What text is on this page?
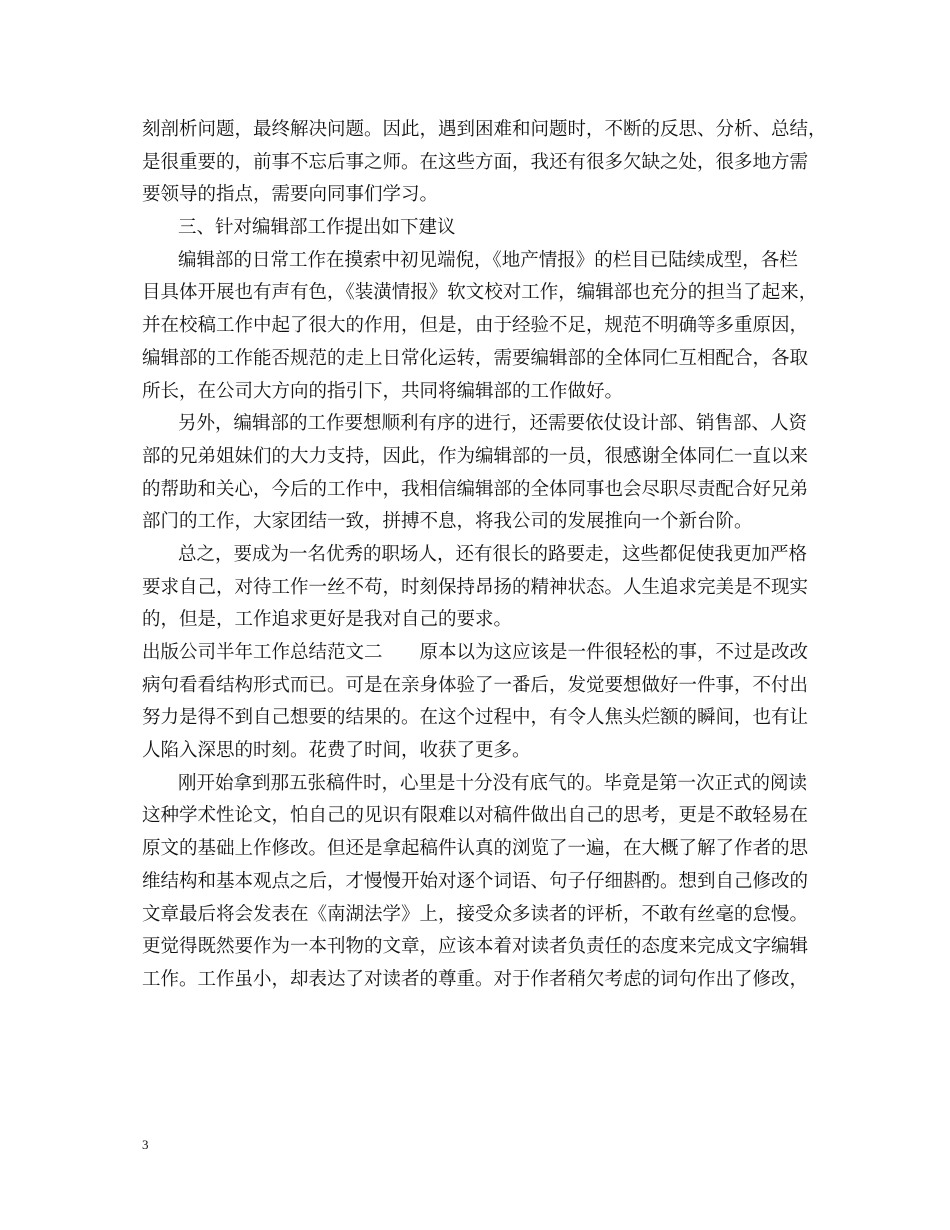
刻剖析问题，最终解决问题。因此，遇到困难和问题时，不断的反思、分析、总结，
是很重要的，前事不忘后事之师。在这些方面，我还有很多欠缺之处，很多地方需
要领导的指点，需要向同事们学习。
三、针对编辑部工作提出如下建议
编辑部的日常工作在摸索中初见端倪，《地产情报》的栏目已陆续成型，各栏
目具体开展也有声有色，《装潢情报》软文校对工作，编辑部也充分的担当了起来，
并在校稿工作中起了很大的作用，但是，由于经验不足，规范不明确等多重原因，
编辑部的工作能否规范的走上日常化运转，需要编辑部的全体同仁互相配合，各取
所长，在公司大方向的指引下，共同将编辑部的工作做好。
另外，编辑部的工作要想顺利有序的进行，还需要依仗设计部、销售部、人资
部的兄弟姐妹们的大力支持，因此，作为编辑部的一员，很感谢全体同仁一直以来
的帮助和关心，今后的工作中，我相信编辑部的全体同事也会尽职尽责配合好兄弟
部门的工作，大家团结一致，拼搏不息，将我公司的发展推向一个新台阶。
总之，要成为一名优秀的职场人，还有很长的路要走，这些都促使我更加严格
要求自己，对待工作一丝不苟，时刻保持昂扬的精神状态。人生追求完美是不现实
的，但是，工作追求更好是我对自己的要求。
出版公司半年工作总结范文二　　原本以为这应该是一件很轻松的事，不过是改改
病句看看结构形式而已。可是在亲身体验了一番后，发觉要想做好一件事，不付出
努力是得不到自己想要的结果的。在这个过程中，有令人焦头烂额的瞬间，也有让
人陷入深思的时刻。花费了时间，收获了更多。
刚开始拿到那五张稿件时，心里是十分没有底气的。毕竟是第一次正式的阅读
这种学术性论文，怕自己的见识有限难以对稿件做出自己的思考，更是不敢轻易在
原文的基础上作修改。但还是拿起稿件认真的浏览了一遍，在大概了解了作者的思
维结构和基本观点之后，才慢慢开始对逐个词语、句子仔细斟酌。想到自己修改的
文章最后将会发表在《南湖法学》上，接受众多读者的评析，不敢有丝毫的怠慢。
更觉得既然要作为一本刊物的文章，应该本着对读者负责任的态度来完成文字编辑
工作。工作虽小，却表达了对读者的尊重。对于作者稍欠考虑的词句作出了修改，
3
